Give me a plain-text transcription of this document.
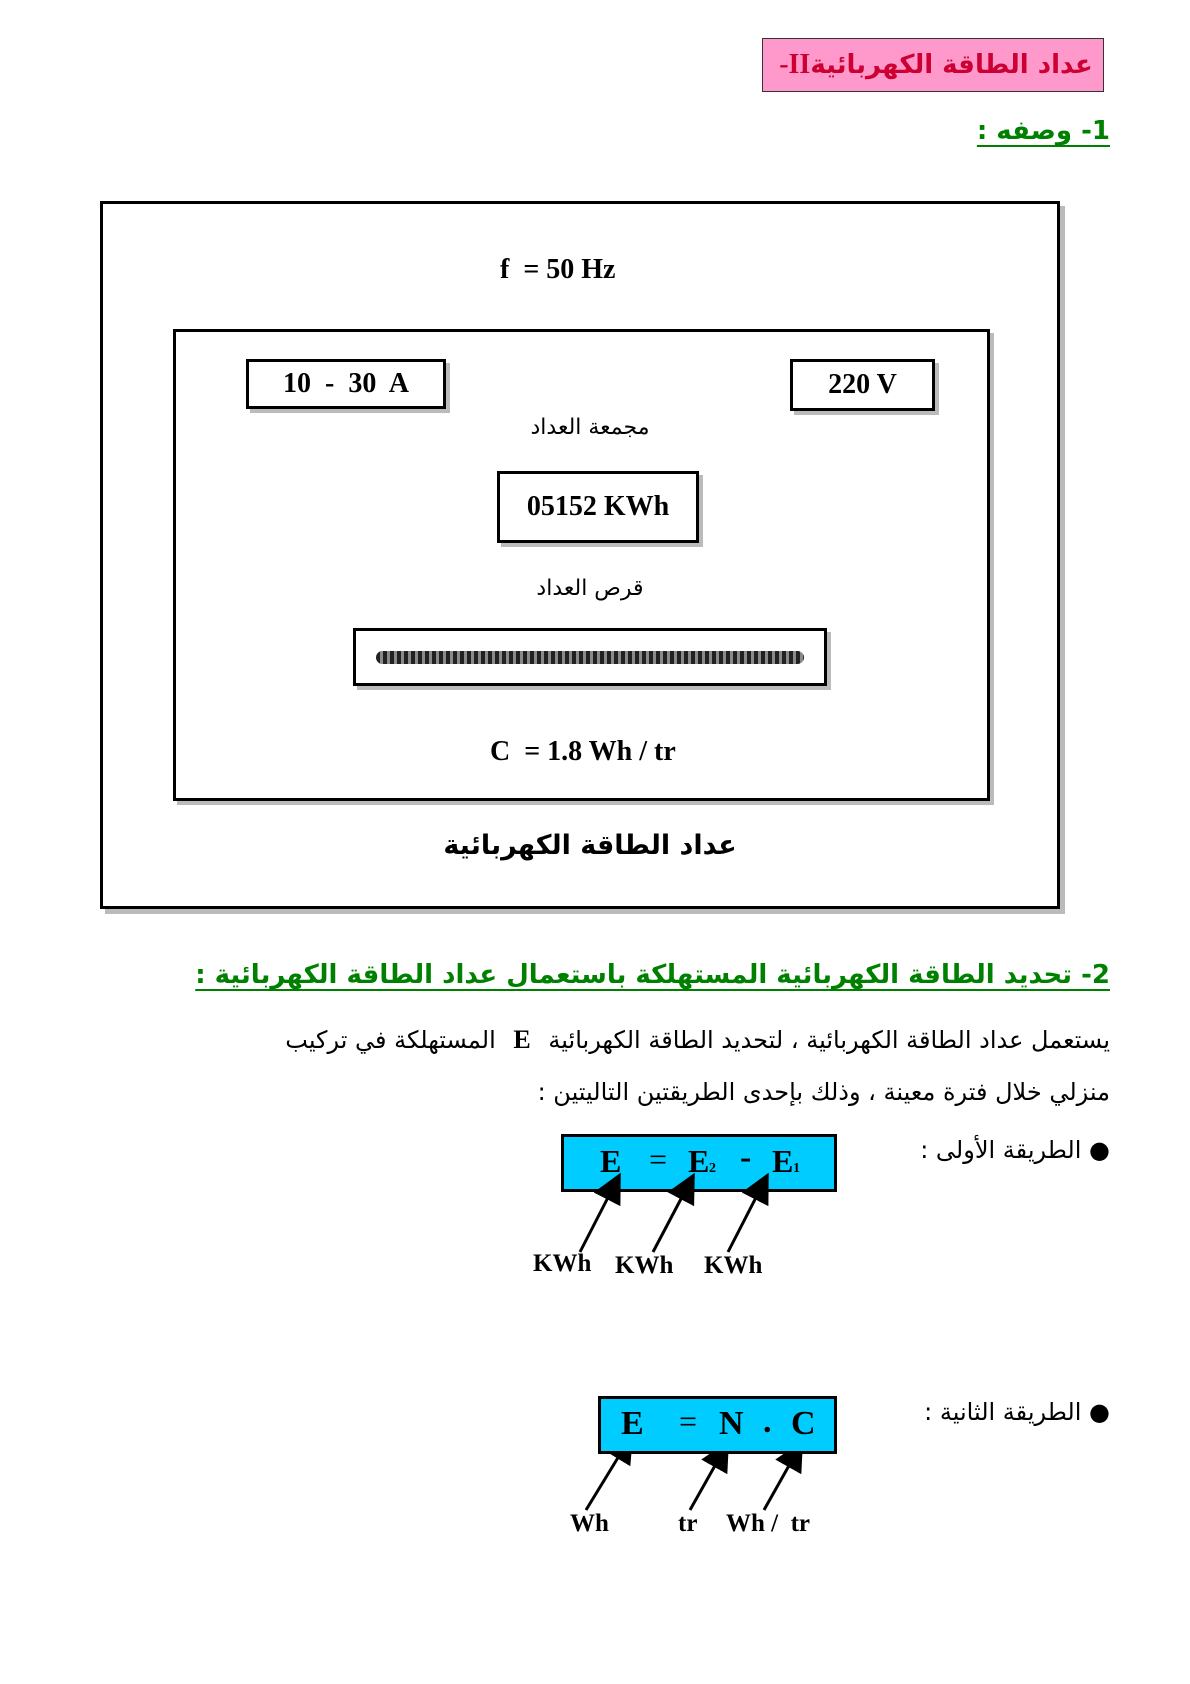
عداد الطاقة الكهربائية
II-
1- وصفه :
f  = 50 Hz
10  -  30  A	220 V
مجمعة العداد
05152 KWh
قرص العداد
C  = 1.8 Wh / tr
عداد الطاقة الكهربائية
2- تحديد الطاقة الكهربائية المستهلكة باستعمال عداد الطاقة الكهربائية :
يستعمل عداد الطاقة الكهربائية ، لتحديد الطاقة الكهربائية E المستهلكة في تركيب
منزلي خلال فترة معينة ، وذلك بإحدى الطريقتين التاليتين :
● الطريقة الأولى :
E = E 2 - E 1
KWh KWh KWh
● الطريقة الثانية :
E = N . C
Wh	tr Wh /  tr
